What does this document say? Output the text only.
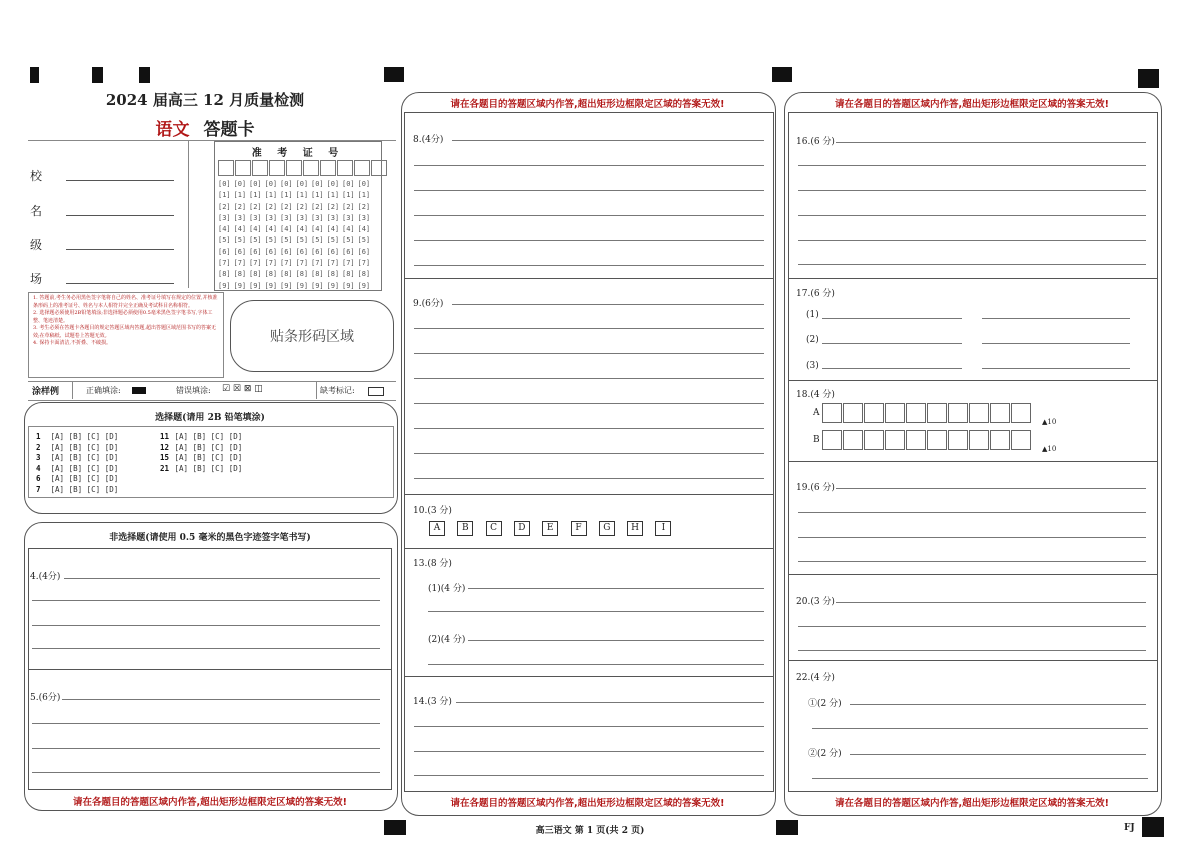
2024 届高三 12 月质量检测
语文 答题卡
校
名
级
场
准 考 证 号
[0] [0] [0] [0] [0] [0] [0] [0] [0] [0]
[1] [1] [1] [1] [1] [1] [1] [1] [1] [1]
[2] [2] [2] [2] [2] [2] [2] [2] [2] [2]
[3] [3] [3] [3] [3] [3] [3] [3] [3] [3]
[4] [4] [4] [4] [4] [4] [4] [4] [4] [4]
[5] [5] [5] [5] [5] [5] [5] [5] [5] [5]
[6] [6] [6] [6] [6] [6] [6] [6] [6] [6]
[7] [7] [7] [7] [7] [7] [7] [7] [7] [7]
[8] [8] [8] [8] [8] [8] [8] [8] [8] [8]
[9] [9] [9] [9] [9] [9] [9] [9] [9] [9]
1. 答题前,考生务必用黑色签字笔将自己的姓名、准考证号填写在规定的位置,并核准条形码上的准考证号、姓名与本人相符并完全正确及考试科目名称相符。
2. 选择题必须使用2B铅笔填涂;非选择题必须使用0.5毫米黑色签字笔书写,字体工整、笔迹清楚。
3. 考生必须在答题卡各题目的规定答题区域内答题,超出答题区域范围书写的答案无效;在草稿纸、试题卷上答题无效。
4. 保持卡面清洁,不折叠、不破损。	贴条形码区域
涂样例	正确填涂:	错误填涂: ☑ ☒ ⊠ ◫	缺考标记:
选择题(请用 2B 铅笔填涂)
1 [A] [B] [C] [D]
2 [A] [B] [C] [D]
3 [A] [B] [C] [D]
4 [A] [B] [C] [D]
6 [A] [B] [C] [D]
7 [A] [B] [C] [D]
11 [A] [B] [C] [D]
12 [A] [B] [C] [D]
15 [A] [B] [C] [D]
21 [A] [B] [C] [D]
非选择题(请使用 0.5 毫米的黑色字迹签字笔书写)
4.(4分)
5.(6分)
请在各题目的答题区域内作答,超出矩形边框限定区域的答案无效!
请在各题目的答题区域内作答,超出矩形边框限定区域的答案无效!
8.(4分)
9.(6分)
10.(3 分)
A	B	C	D	E	F	G	H	I
13.(8 分)
(1)(4 分)
(2)(4 分)
14.(3 分)
请在各题目的答题区域内作答,超出矩形边框限定区域的答案无效!
请在各题目的答题区域内作答,超出矩形边框限定区域的答案无效!
16.(6 分)
17.(6 分)
(1)
(2)
(3)
18.(4 分)
A
B
▲10
▲10
19.(6 分)
20.(3 分)
22.(4 分)
①(2 分)
②(2 分)
请在各题目的答题区域内作答,超出矩形边框限定区域的答案无效!
高三语文 第 1 页(共 2 页)	FJ
